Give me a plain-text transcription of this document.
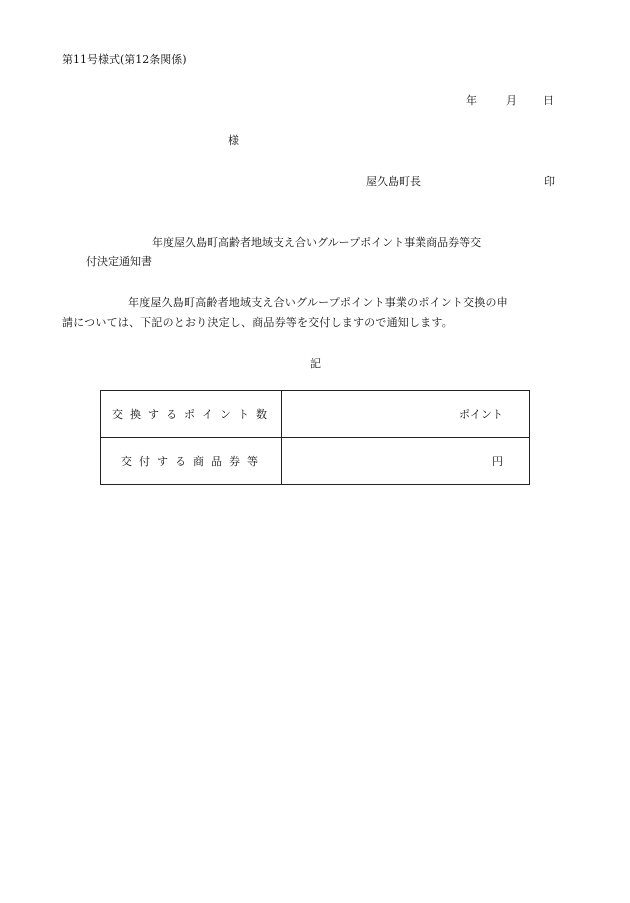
第11号様式(第12条関係)
年	月 日
様
屋久島町長	印
年度屋久島町高齢者地域支え合いグループポイント事業商品券等交
付決定通知書
年度屋久島町高齢者地域支え合いグループポイント事業のポイント交換の申
請については、下記のとおり決定し、商品券等を交付しますので通知します。
記
交換するポイント数	ポイント
交付する商品券等	円
